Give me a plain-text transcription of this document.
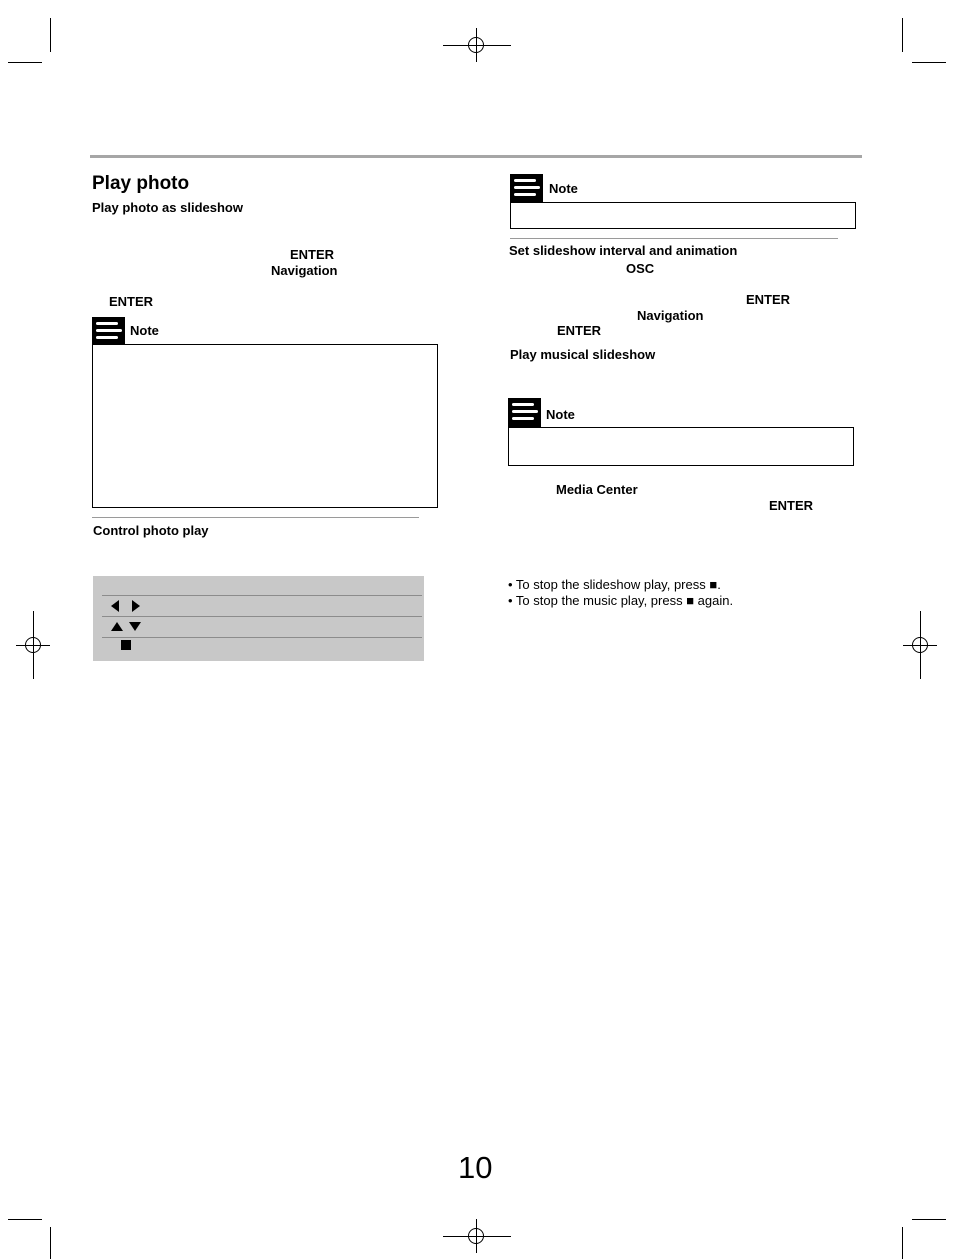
Play photo
Play photo as slideshow
ENTER
Navigation
ENTER
Note
Control photo play
Note
Set slideshow interval and animation
OSC
ENTER
Navigation
ENTER
Play musical slideshow
Note
Media Center
ENTER
• To stop the slideshow play, press ■.
• To stop the music play, press ■ again.
10
